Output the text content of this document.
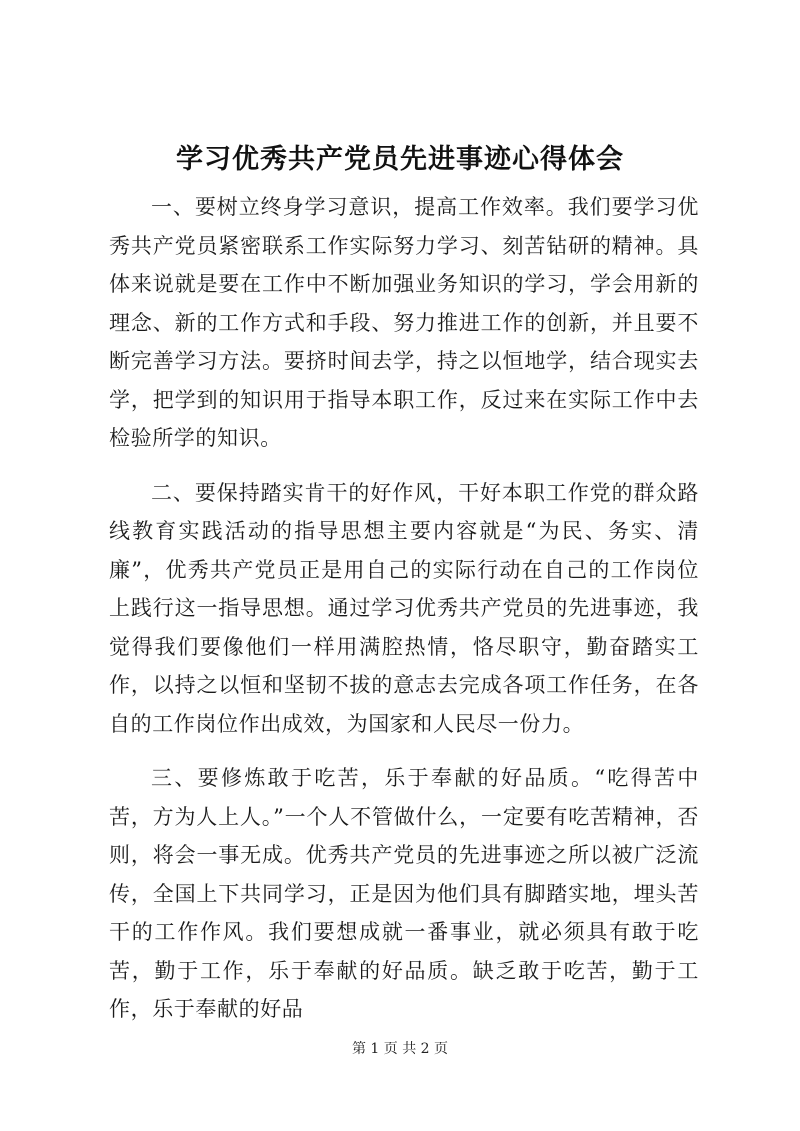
学习优秀共产党员先进事迹心得体会

一、要树立终身学习意识，提高工作效率。我们要学习优秀共产党员紧密联系工作实际努力学习、刻苦钻研的精神。具体来说就是要在工作中不断加强业务知识的学习，学会用新的理念、新的工作方式和手段、努力推进工作的创新，并且要不断完善学习方法。要挤时间去学，持之以恒地学，结合现实去学，把学到的知识用于指导本职工作，反过来在实际工作中去检验所学的知识。

二、要保持踏实肯干的好作风，干好本职工作党的群众路线教育实践活动的指导思想主要内容就是“为民、务实、清廉”，优秀共产党员正是用自己的实际行动在自己的工作岗位上践行这一指导思想。通过学习优秀共产党员的先进事迹，我觉得我们要像他们一样用满腔热情，恪尽职守，勤奋踏实工作，以持之以恒和坚韧不拔的意志去完成各项工作任务，在各自的工作岗位作出成效，为国家和人民尽一份力。

三、要修炼敢于吃苦，乐于奉献的好品质。“吃得苦中苦，方为人上人。”一个人不管做什么，一定要有吃苦精神，否则，将会一事无成。优秀共产党员的先进事迹之所以被广泛流传，全国上下共同学习，正是因为他们具有脚踏实地，埋头苦干的工作作风。我们要想成就一番事业，就必须具有敢于吃苦，勤于工作，乐于奉献的好品质。缺乏敢于吃苦，勤于工作，乐于奉献的好品

第 1 页 共 2 页
